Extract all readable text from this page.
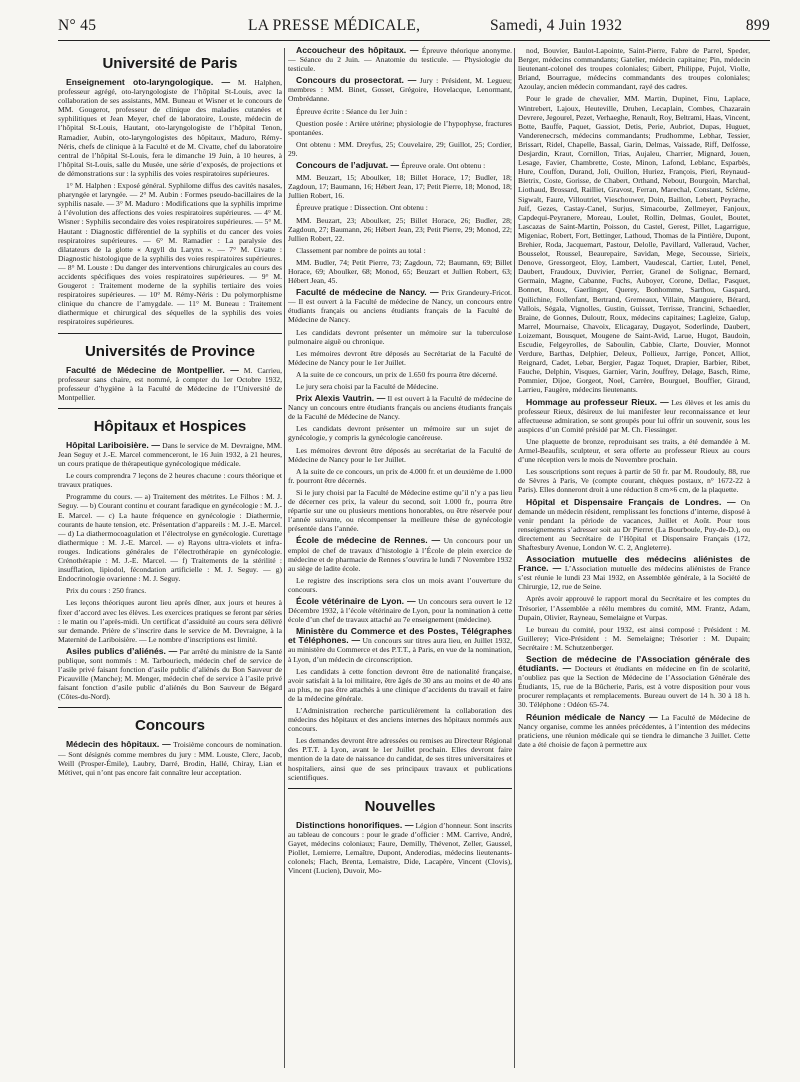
N° 45	LA PRESSE MÉDICALE,	Samedi, 4 Juin 1932	899
Université de Paris

Enseignement oto-laryngologique. — M. Halphen, professeur agrégé, oto-laryngologiste de l’hôpital St-Louis, avec la collaboration de ses assistants, MM. Buneau et Wisner et le concours de MM. Gougerot, professeur de clinique des maladies cutanées et syphilitiques et Jean Meyer, chef de laboratoire, Louste, médecin de l’hôpital St-Louis, Hautant, oto-laryngologiste de l’hôpital Tenon, Ramadier, Aubin, oto-laryngologistes des hôpitaux, Maduro, Rémy-Néris, chefs de clinique à la Faculté et de M. Civatte, chef du laboratoire central de l’hôpital St-Louis, fera le dimanche 19 Juin, à 10 heures, à l’hôpital St-Louis, salle du Musée, une série d’exposés, de projections et de démonstrations sur : la syphilis des voies respiratoires supérieures.

1° M. Halphen : Exposé général. Syphilome diffus des cavités nasales, pharyngée et laryngée. — 2° M. Aubin : Formes pseudo-bacillaires de la syphilis nasale. — 3° M. Maduro : Modifications que la syphilis imprime à l’évolution des affections des voies respiratoires supérieures. — 4° M. Wisner : Syphilis secondaire des voies respiratoires supérieures. — 5° M. Hautant : Diagnostic différentiel de la syphilis et du cancer des voies respiratoires supérieures. — 6° M. Ramadier : La paralysie des dilatateurs de la glotte « Argyll du Larynx ». — 7° M. Civatte : Diagnostic histologique de la syphilis des voies respiratoires supérieures. — 8° M. Louste : Du danger des interventions chirurgicales au cours des accidents spécifiques des voies respiratoires supérieures. — 9° M. Gougerot : Traitement moderne de la syphilis tertiaire des voies respiratoires supérieures. — 10° M. Rémy-Néris : Du polymorphisme clinique du chancre de l’amygdale. — 11° M. Buneau : Traitement diathermique et chirurgical des séquelles de la syphilis des voies respiratoires supérieures.

Universités de Province

Faculté de Médecine de Montpellier. — M. Carrieu, professeur sans chaire, est nommé, à compter du 1er Octobre 1932, professeur d’hygiène à la Faculté de Médecine de l’Université de Montpellier.

Hôpitaux et Hospices

Hôpital Lariboisière. — Dans le service de M. Devraigne, MM. Jean Seguy et J.-E. Marcel commenceront, le 16 Juin 1932, à 21 heures, un cours pratique de thérapeutique gynécologique médicale.

Le cours comprendra 7 leçons de 2 heures chacune : cours théorique et travaux pratiques.

Programme du cours. — a) Traitement des métrites. Le Filhos : M. J. Seguy. — b) Courant continu et courant faradique en gynécologie : M. J.-E. Marcel. — c) La haute fréquence en gynécologie : Diathermie, courants de haute tension, etc. Présentation d’appareils : M. J.-E. Marcel. — d) La diathermocoagulation et l’électrolyse en gynécologie. Curettage diathermique : M. J.-E. Marcel. — e) Rayons ultra-violets et infra-rouges. Indications générales de l’électrothérapie en gynécologie. Crénothérapie : M. J.-E. Marcel. — f) Traitements de la stérilité : insufflation, lipiodol, fécondation artificielle : M. J. Seguy. — g) Endocrinologie ovarienne : M. J. Seguy.

Prix du cours : 250 francs.

Les leçons théoriques auront lieu après dîner, aux jours et heures à fixer d’accord avec les élèves. Les exercices pratiques se feront par séries : le matin ou l’après-midi. Un certificat d’assiduité au cours sera délivré sur demande. Prière de s’inscrire dans le service de M. Devraigne, à la Maternité de Lariboisière. — Le nombre d’inscriptions est limité.

Asiles publics d’aliénés. — Par arrêté du ministre de la Santé publique, sont nommés : M. Tarbouriech, médecin chef de service de l’asile privé faisant fonction d’asile public d’aliénés du Bon Sauveur de Picauville (Manche); M. Menger, médecin chef de service à l’asile privé faisant fonction d’asile public d’aliénés du Bon Sauveur de Bégard (Côtes-du-Nord).

Concours

Médecin des hôpitaux. — Troisième concours de nomination. — Sont désignés comme membres du jury : MM. Louste, Clerc, Jacob, Weill (Prosper-Émile), Laubry, Darré, Brodin, Hallé, Chiray, Lian et Métivet, qui n’ont pas encore fait connaître leur acceptation.

Accoucheur des hôpitaux. — Épreuve théorique anonyme. — Séance du 2 Juin. — Anatomie du testicule. — Physiologie du testicule.

Concours du prosectorat. — Jury : Président, M. Legueu; membres : MM. Binet, Gosset, Grégoire, Hovelacque, Lenormant, Ombrédanne.

Épreuve écrite : Séance du 1er Juin :

Question posée : Artère utérine; physiologie de l’hypophyse, fractures spontanées.

Ont obtenu : MM. Dreyfus, 25; Couvelaire, 29; Guillot, 25; Cordier, 29.

Concours de l’adjuvat. — Épreuve orale. Ont obtenu :

MM. Beuzart, 15; Aboulker, 18; Billet Horace, 17; Budler, 18; Zagdoun, 17; Baumann, 16; Hébert Jean, 17; Petit Pierre, 18; Monod, 18; Jullien Robert, 16.

Épreuve pratique : Dissection. Ont obtenu :

MM. Beuzart, 23; Aboulker, 25; Billet Horace, 26; Budler, 28; Zagdoun, 27; Baumann, 26; Hébert Jean, 23; Petit Pierre, 29; Monod, 22; Jullien Robert, 22.

Classement par nombre de points au total :

MM. Budler, 74; Petit Pierre, 73; Zagdoun, 72; Baumann, 69; Billet Horace, 69; Aboulker, 68; Monod, 65; Beuzart et Jullien Robert, 63; Hébert Jean, 45.

Faculté de médecine de Nancy. — Prix Grandeury-Fricot. — Il est ouvert à la Faculté de médecine de Nancy, un concours entre étudiants français ou anciens étudiants français de la Faculté de Médecine de Nancy.

Les candidats devront présenter un mémoire sur la tuberculose pulmonaire aiguë ou chronique.

Les mémoires devront être déposés au Secrétariat de la Faculté de Médecine de Nancy pour le 1er Juillet.

A la suite de ce concours, un prix de 1.650 frs pourra être décerné.

Le jury sera choisi par la Faculté de Médecine.

Prix Alexis Vautrin. — Il est ouvert à la Faculté de médecine de Nancy un concours entre étudiants français ou anciens étudiants français de la Faculté de Médecine de Nancy.

Les candidats devront présenter un mémoire sur un sujet de gynécologie, y compris la gynécologie cancéreuse.

Les mémoires devront être déposés au secrétariat de la Faculté de Médecine de Nancy pour le 1er Juillet.

A la suite de ce concours, un prix de 4.000 fr. et un deuxième de 1.000 fr. pourront être décernés.

Si le jury choisi par la Faculté de Médecine estime qu’il n’y a pas lieu de décerner ces prix, la valeur du second, soit 1.000 fr., pourra être répartie sur une ou plusieurs mentions honorables, ou être réservée pour l’année suivante, ou récompenser la meilleure thèse de gynécologie présentée dans l’année.

École de médecine de Rennes. — Un concours pour un emploi de chef de travaux d’histologie à l’École de plein exercice de médecine et de pharmacie de Rennes s’ouvrira le lundi 7 Novembre 1932 au siège de ladite école.

Le registre des inscriptions sera clos un mois avant l’ouverture du concours.

École vétérinaire de Lyon. — Un concours sera ouvert le 12 Décembre 1932, à l’école vétérinaire de Lyon, pour la nomination à cette école d’un chef de travaux attaché au 7e enseignement (médecine).

Ministère du Commerce et des Postes, Télégraphes et Téléphones. — Un concours sur titres aura lieu, en Juillet 1932, au ministère du Commerce et des P.T.T., à Paris, en vue de la nomination, à Lyon, d’un médecin de circonscription.

Les candidats à cette fonction devront être de nationalité française, avoir satisfait à la loi militaire, être âgés de 30 ans au moins et de 40 ans au plus, ne pas être attachés à une clinique d’accidents du travail et faire de la médecine générale.

L’Administration recherche particulièrement la collaboration des médecins des hôpitaux et des anciens internes des hôpitaux nommés aux concours.

Les demandes devront être adressées ou remises au Directeur Régional des P.T.T. à Lyon, avant le 1er Juillet prochain. Elles devront faire mention de la date de naissance du candidat, de ses titres universitaires et hospitaliers, ainsi que de ses principaux travaux et publications scientifiques.

Nouvelles

Distinctions honorifiques. — Légion d’honneur. Sont inscrits au tableau de concours : pour le grade d’officier : MM. Carrive, André, Gayet, médecins coloniaux; Faure, Demilly, Thévenot, Zeller, Gaussel, Piollet, Lemierre, Lemaître, Dupont, Anderodias, médecins lieutenants-colonels; Flach, Brenta, Lemaistre, Dide, Lacapère, Vincent (Clovis), Vincent (Lucien), Duvoir, Mo-

nod, Bouvier, Baulot-Lapointe, Saint-Pierre, Fabre de Parrel, Speder, Berger, médecins commandants; Gatelier, médecin capitaine; Pin, médecin lieutenant-colonel des troupes coloniales; Gibert, Philippe, Pujol, Violle, Briand, Bourrague, médecins commandants des troupes coloniales; Azoulay, ancien médecin commandant, rayé des cadres.

Pour le grade de chevalier, MM. Martin, Dupinet, Finu, Laplace, Wintrebert, Lajoux, Heuteville, Druhen, Lecaplain, Combes, Chazarain Devrere, Jegourel, Pezet, Verhaeghe, Renault, Roy, Beltrami, Haas, Vincent, Botte, Bauffe, Paquet, Gassiot, Detis, Perie, Aubriot, Dupas, Huguet, Vanderenecrsch, médecins commandants; Prudhomme, Lebhar, Tessier, Brissart, Ridel, Chapelle, Bassal, Garin, Delmas, Vaissade, Riff, Delfosse, Desjardin, Kraut, Cornillon, Trias, Aujaleu, Charrier, Mignard, Jouen, Lesage, Favier, Chambrette, Coste, Minon, Lafond, Leblanc, Esparbès, Hure, Couffon, Durand, Joli, Ouillon, Huriez, François, Pieri, Reynaud-Bietrix, Coste, Gorisse, de Chabert, Orthand, Nebout, Bourgoin, Marchal, Liothaud, Brossard, Railliet, Gravost, Ferran, Marechal, Constant, Sclérne, Sigwalt, Faure, Villoutriet, Vieschouwer, Doin, Baillon, Lebert, Peyrache, Juif, Gezes, Castay-Canel, Surjus, Simacourbe, Zellmeyer, Fanjoux, Capdequi-Peyranere, Moreau, Loulet, Rollin, Delmas, Goulet, Boutet, Lascazas de Saint-Martin, Poisson, du Castel, Gerest, Pillet, Lagarrigue, Migeniac, Robert, Fort, Bettinger, Lathoud, Thomas de la Pintière, Dupont, Brehier, Roda, Jacquemart, Pastour, Delolle, Pavillard, Valleraud, Vacher, Bousselot, Roussel, Beaurepaire, Savidan, Mege, Secousse, Sirieix, Denove, Gressorgeot, Eloy, Lambert, Vaudescal, Cartier, Lutel, Penel, Daubert, Fraudoux, Duvivier, Perrier, Granel de Solignac, Bernard, Germain, Magne, Cabanne, Fuchs, Auboyer, Corone, Dellac, Pasquet, Bonnet, Roux, Gaerlinger, Querey, Bonhomme, Sarthou, Gaspard, Quilichine, Follenfant, Bertrand, Gremeaux, Villain, Mauguiere, Bérard, Vallois, Ségala, Vignolles, Gustin, Guisset, Terrisse, Trancini, Schaedler, Braine, de Gonnes, Duloutr, Roux, médecins capitaines; Lagleize, Galup, Marrel, Mournaise, Chavoix, Elicagaray, Dugayot, Soderlinde, Daubert, Loizemant, Bousquet, Mougene de Saint-Avid, Larue, Hugot, Baudoin, Escudie, Felgeyrolles, de Saboulin, Cabbie, Clarte, Douvier, Monnot Verdure, Barthas, Delphier, Deleux, Pollieux, Jarrige, Poncet, Alliot, Reignard, Cadet, Lebar, Bergier, Pagaz Toquet, Drapier, Barbier, Ribet, Fauche, Delphin, Visques, Garnier, Varin, Jouffrey, Delage, Basch, Rime, Pommier, Dijoe, Gorgeot, Noel, Carrère, Bourguel, Bouffier, Giraud, Larrieu, Faugère, médecins lieutenants.

Hommage au professeur Rieux. — Les élèves et les amis du professeur Rieux, désireux de lui manifester leur reconnaissance et leur affectueuse admiration, se sont groupés pour lui offrir un souvenir, sous les auspices d’un Comité présidé par M. Ch. Fiessinger.

Une plaquette de bronze, reproduisant ses traits, a été demandée à M. Armel-Beaufils, sculpteur, et sera offerte au professeur Rieux au cours d’une réception vers le mois de Novembre prochain.

Les souscriptions sont reçues à partir de 50 fr. par M. Roudouly, 88, rue de Sèvres à Paris, Ve (compte courant, chèques postaux, n° 1672-22 à Paris). Elles donneront droit à une réduction 8 cm×6 cm, de la plaquette.

Hôpital et Dispensaire Français de Londres. — On demande un médecin résident, remplissant les fonctions d’interne, disposé à venir pendant la période de vacances, Juillet et Août. Pour tous renseignements s’adresser soit au Dr Pierret (La Bourboule, Puy-de-D.), ou directement au Secrétaire de l’Hôpital et Dispensaire Français (172, Shaftesbury Avenue, London W. C. 2, Angleterre).

Association mutuelle des médecins aliénistes de France. — L’Association mutuelle des médecins aliénistes de France s’est réunie le lundi 23 Mai 1932, en Assemblée générale, à la Société de Chirurgie, 12, rue de Seine.

Après avoir approuvé le rapport moral du Secrétaire et les comptes du Trésorier, l’Assemblée a réélu membres du comité, MM. Frantz, Adam, Dupain, Olivier, Rayneau, Semelaigne et Vurpas.

Le bureau du comité, pour 1932, est ainsi composé : Président : M. Guillerey; Vice-Président : M. Semelaigne; Trésorier : M. Dupain; Secrétaire : M. Schutzenberger.

Section de médecine de l’Association générale des étudiants. — Docteurs et étudiants en médecine en fin de scolarité, n’oubliez pas que la Section de Médecine de l’Association Générale des Étudiants, 15, rue de la Bûcherie, Paris, est à votre disposition pour vous procurer remplaçants et remplacements. Bureau ouvert de 14 h. 30 à 18 h. 30. Téléphone : Odéon 65-74.

Réunion médicale de Nancy — La Faculté de Médecine de Nancy organise, comme les années précédentes, à l’intention des médecins praticiens, une réunion médicale qui se tiendra le dimanche 3 Juillet. Cette date a été choisie de façon à permettre aux
